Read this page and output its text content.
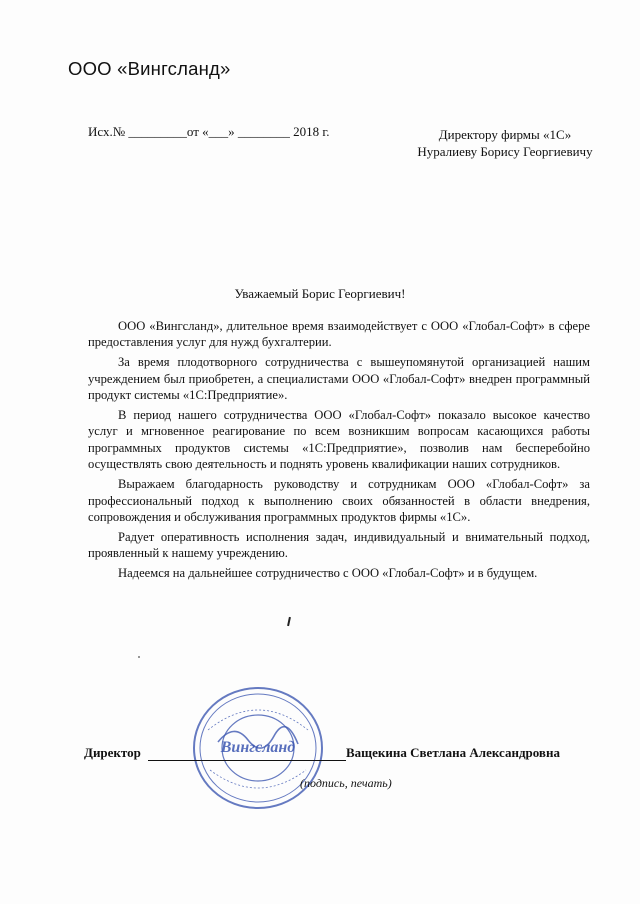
ООО «Вингсланд»
Исх.№ _________от «___» ________ 2018 г.	Директору фирмы «1С»
Нуралиеву Борису Георгиевичу
Уважаемый Борис Георгиевич!

ООО «Вингсланд», длительное время взаимодействует с ООО «Глобал-Софт» в сфере предоставления услуг для нужд бухгалтерии.

За время плодотворного сотрудничества с вышеупомянутой организацией нашим учреждением был приобретен, а специалистами ООО «Глобал-Софт» внедрен программный продукт системы «1С:Предприятие».

В период нашего сотрудничества ООО «Глобал-Софт» показало высокое качество услуг и мгновенное реагирование по всем возникшим вопросам касающихся работы программных продуктов системы «1С:Предприятие», позволив нам бесперебойно осуществлять свою деятельность и поднять уровень квалификации наших сотрудников.

Выражаем благодарность руководству и сотрудникам ООО «Глобал-Софт» за профессиональный подход к выполнению своих обязанностей в области внедрения, сопровождения и обслуживания программных продуктов фирмы «1С».

Радует оперативность исполнения задач, индивидуальный и внимательный подход, проявленный к нашему учреждению.

Надеемся на дальнейшее сотрудничество с ООО «Глобал-Софт» и в будущем.

Вингсланд
Директор	Ващекина Светлана Александровна
(подпись, печать)
